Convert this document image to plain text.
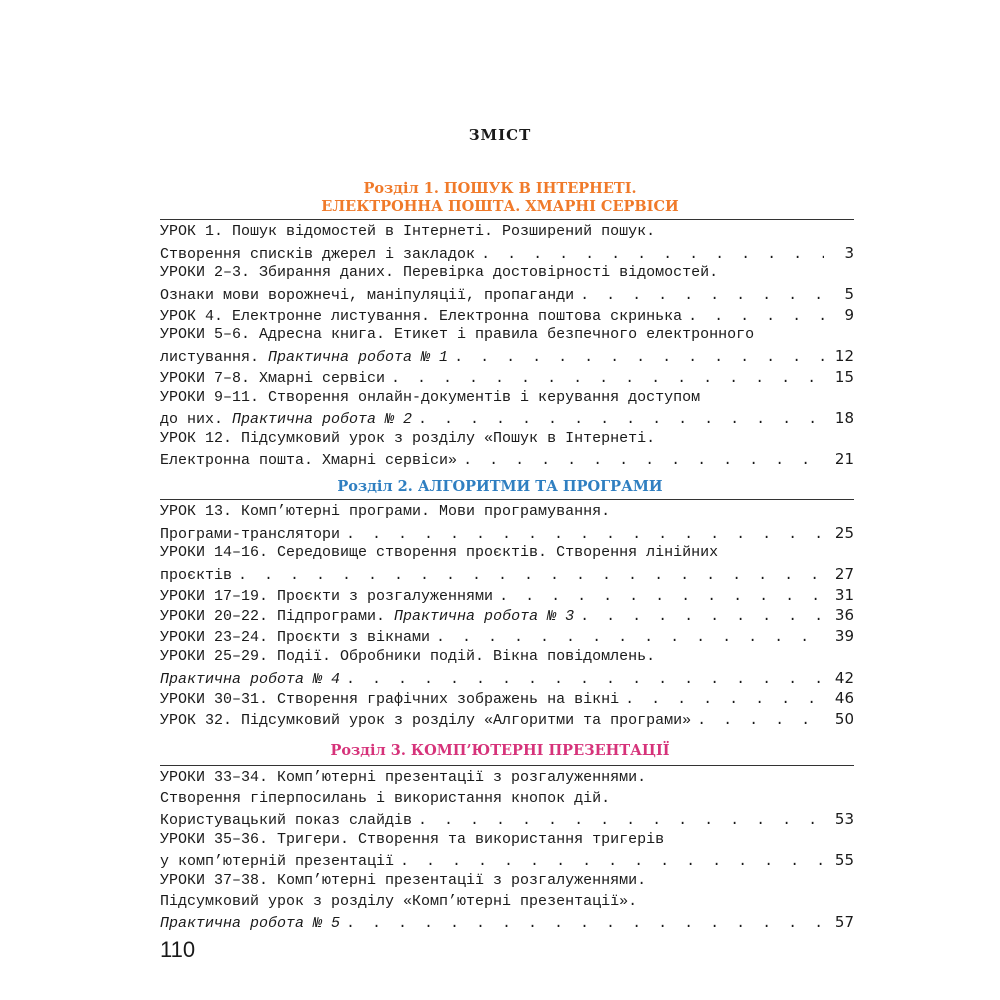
ЗМІСТ
Розділ 1. ПОШУК В ІНТЕРНЕТІ.
ЕЛЕКТРОННА ПОШТА. ХМАРНІ СЕРВІСИ
УРОК 1. Пошук відомостей в Інтернеті. Розширений пошук.
Створення списків джерел і закладок . . .	3
УРОКИ 2–3. Збирання даних. Перевірка достовірності відомостей.
Ознаки мови ворожнечі, маніпуляції, пропаганди . . .	5
УРОК 4. Електронне листування. Електронна поштова скринька . . .	9
УРОКИ 5–6. Адресна книга. Етикет і правила безпечного електронного
листування. Практична робота № 1 . . .	12
УРОКИ 7–8. Хмарні сервіси . . .	15
УРОКИ 9–11. Створення онлайн-документів і керування доступом
до них. Практична робота № 2 . . .	18
УРОК 12. Підсумковий урок з розділу «Пошук в Інтернеті.
Електронна пошта. Хмарні сервіси» . . .	21
Розділ 2. АЛГОРИТМИ ТА ПРОГРАМИ
УРОК 13. Комп’ютерні програми. Мови програмування.
Програми-транслятори . . .	25
УРОКИ 14–16. Середовище створення проєктів. Створення лінійних
проєктів . . .	27
УРОКИ 17–19. Проєкти з розгалуженнями . . .	31
УРОКИ 20–22. Підпрограми. Практична робота № 3 . . .	36
УРОКИ 23–24. Проєкти з вікнами . . .	39
УРОКИ 25–29. Події. Обробники подій. Вікна повідомлень.
Практична робота № 4 . . .	42
УРОКИ 30–31. Створення графічних зображень на вікні . . .	46
УРОК 32. Підсумковий урок з розділу «Алгоритми та програми» . . .	50
Розділ 3. КОМП’ЮТЕРНІ ПРЕЗЕНТАЦІЇ
УРОКИ 33–34. Комп’ютерні презентації з розгалуженнями.
Створення гіперпосилань і використання кнопок дій.
Користувацький показ слайдів . . .	53
УРОКИ 35–36. Тригери. Створення та використання тригерів
у комп’ютерній презентації . . .	55
УРОКИ 37–38. Комп’ютерні презентації з розгалуженнями.
Підсумковий урок з розділу «Комп’ютерні презентації».
Практична робота № 5 . . .	57
110
